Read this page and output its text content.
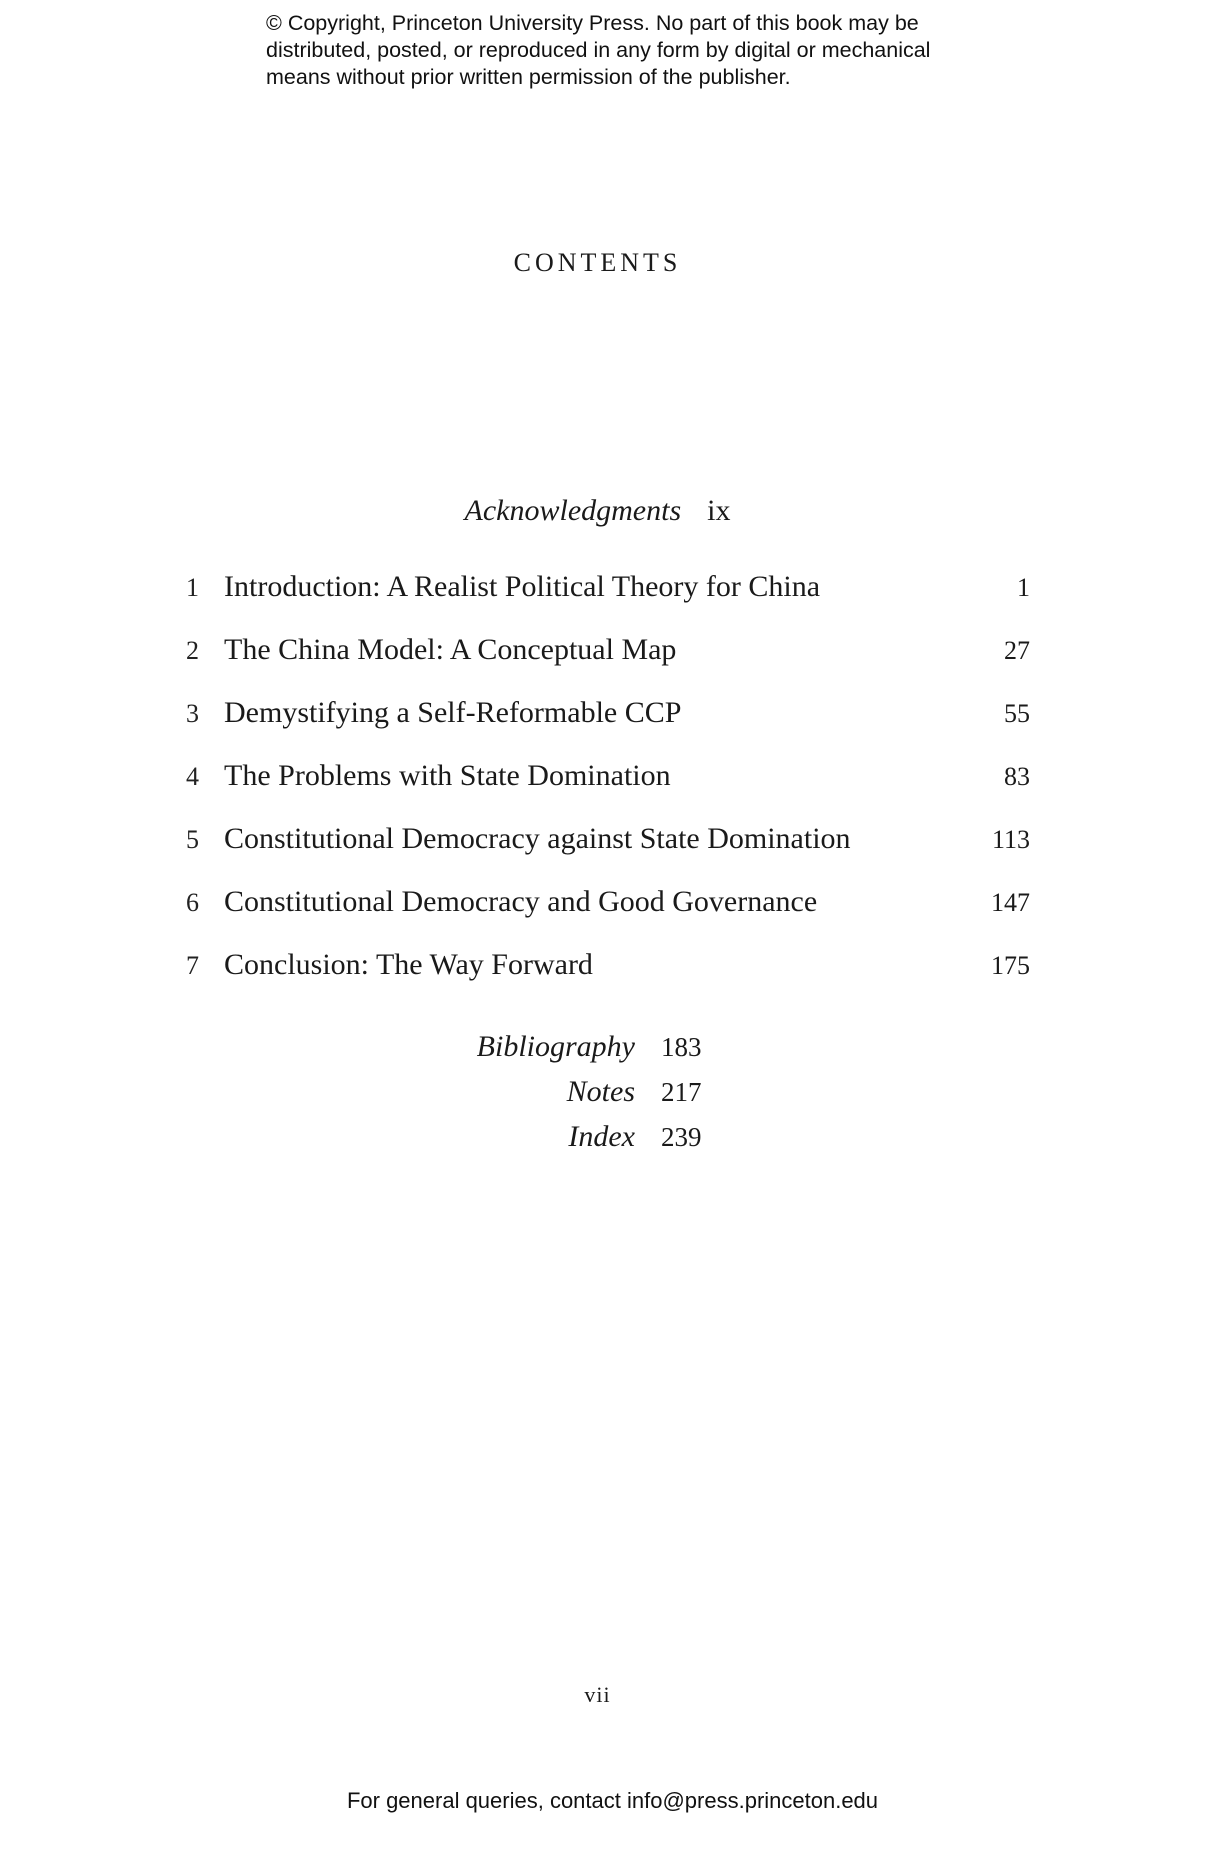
© Copyright, Princeton University Press. No part of this book may be
distributed, posted, or reproduced in any form by digital or mechanical
means without prior written permission of the publisher.
CONTENTS
Acknowledgments ix
1 Introduction: A Realist Political Theory for China	1
2 The China Model: A Conceptual Map	27
3 Demystifying a Self-Reformable CCP	55
4 The Problems with State Domination	83
5 Constitutional Democracy against State Domination	113
6 Constitutional Democracy and Good Governance	147
7 Conclusion: The Way Forward	175
Bibliography 183
Notes 217
Index 239
vii
For general queries, contact info@press.princeton.edu
